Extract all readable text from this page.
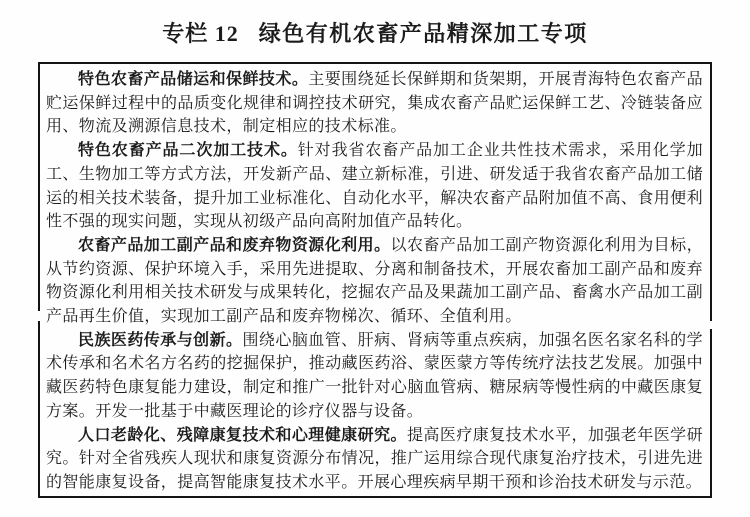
专栏 12 绿色有机农畜产品精深加工专项

特色农畜产品储运和保鲜技术。主要围绕延长保鲜期和货架期，开展青海特色农畜产品贮运保鲜过程中的品质变化规律和调控技术研究，集成农畜产品贮运保鲜工艺、冷链装备应用、物流及溯源信息技术，制定相应的技术标准。

特色农畜产品二次加工技术。针对我省农畜产品加工企业共性技术需求，采用化学加工、生物加工等方式方法，开发新产品、建立新标准，引进、研发适于我省农畜产品加工储运的相关技术装备，提升加工业标准化、自动化水平，解决农畜产品附加值不高、食用便利性不强的现实问题，实现从初级产品向高附加值产品转化。

农畜产品加工副产品和废弃物资源化利用。以农畜产品加工副产物资源化利用为目标，从节约资源、保护环境入手，采用先进提取、分离和制备技术，开展农畜加工副产品和废弃物资源化利用相关技术研发与成果转化，挖掘农产品及果蔬加工副产品、畜禽水产品加工副产品再生价值，实现加工副产品和废弃物梯次、循环、全值利用。

民族医药传承与创新。围绕心脑血管、肝病、肾病等重点疾病，加强名医名家名科的学术传承和名术名方名药的挖掘保护，推动藏医药浴、蒙医蒙方等传统疗法技艺发展。加强中藏医药特色康复能力建设，制定和推广一批针对心脑血管病、糖尿病等慢性病的中藏医康复方案。开发一批基于中藏医理论的诊疗仪器与设备。

人口老龄化、残障康复技术和心理健康研究。提高医疗康复技术水平，加强老年医学研究。针对全省残疾人现状和康复资源分布情况，推广运用综合现代康复治疗技术，引进先进的智能康复设备，提高智能康复技术水平。开展心理疾病早期干预和诊治技术研发与示范。
